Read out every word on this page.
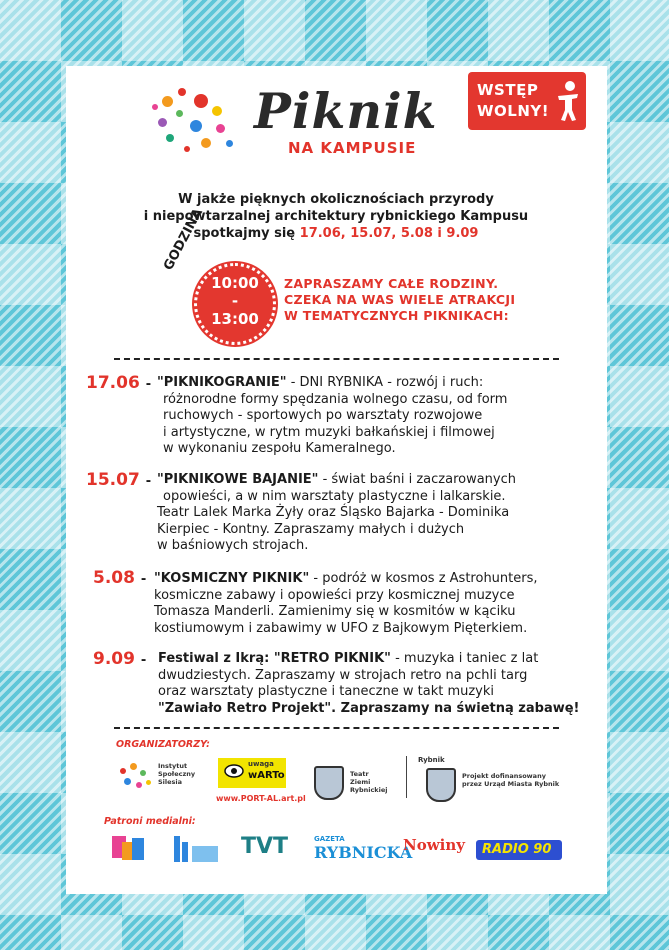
Piknik
NA KAMPUSIE
WSTĘP
WOLNY!
W jakże pięknych okolicznościach przyrody
i niepowtarzalnej architektury rybnickiego Kampusu
spotkajmy się 17.06, 15.07, 5.08 i 9.09
GODZINA
10:00
-
13:00
ZAPRASZAMY CAŁE RODZINY.
CZEKA NA WAS WIELE ATRAKCJI
W TEMATYCZNYCH PIKNIKACH:
17.06 - "PIKNIKOGRANIE" - DNI RYBNIKA - rozwój i ruch:
różnorodne formy spędzania wolnego czasu, od form
ruchowych - sportowych po warsztaty rozwojowe
i artystyczne, w rytm muzyki bałkańskiej i filmowej
w wykonaniu zespołu Kameralnego.
15.07 - "PIKNIKOWE BAJANIE" - świat baśni i zaczarowanych
opowieści, a w nim warsztaty plastyczne i lalkarskie.
Teatr Lalek Marka Żyły oraz Śląsko Bajarka - Dominika
Kierpiec - Kontny. Zapraszamy małych i dużych
w baśniowych strojach.
5.08 - "KOSMICZNY PIKNIK" - podróż w kosmos z Astrohunters,
kosmiczne zabawy i opowieści przy kosmicznej muzyce
Tomasza Manderli. Zamienimy się w kosmitów w kąciku
kostiumowym i zabawimy w UFO z Bajkowym Pięterkiem.
9.09 - Festiwal z Ikrą: "RETRO PIKNIK" - muzyka i taniec z lat
dwudziestych. Zapraszamy w strojach retro na pchli targ
oraz warsztaty plastyczne i taneczne w takt muzyki
"Zawiało Retro Projekt". Zapraszamy na świetną zabawę!
ORGANIZATORZY:
Instytut
Społeczny
Silesia
uwaga
wARTo
www.PORT-AL.art.pl
Teatr
Ziemi
Rybnickiej
Rybnik
Projekt dofinansowany
przez Urząd Miasta Rybnik
Patroni medialni:
TVT	GAZETA
RYBNICKA
Nowiny RADIO 90
